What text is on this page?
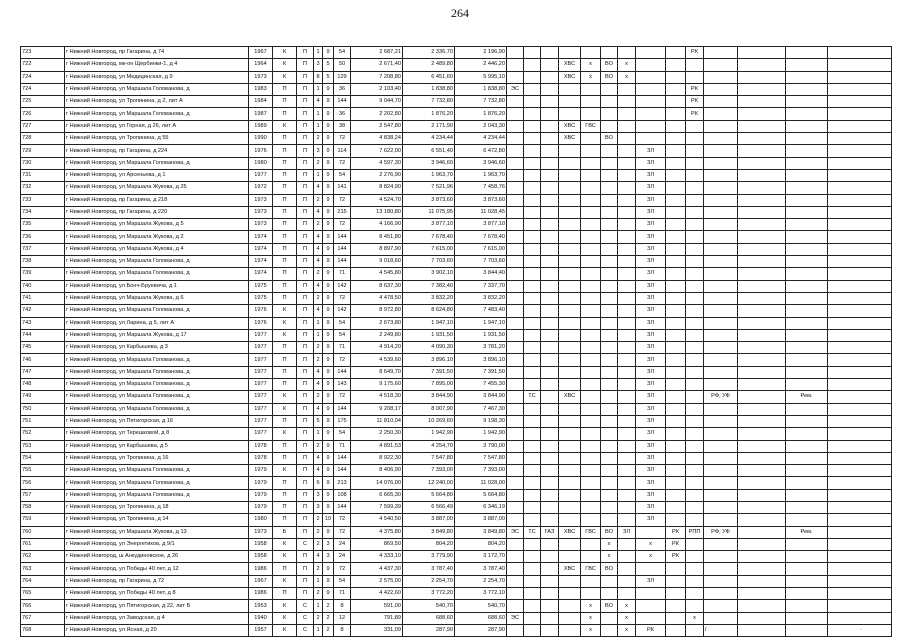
264
723	г Нижний Новгород, пр Гагарина, д 74	1967	К	П	1	9	54	2 687,21	2 336,70	2 196,90										РК				
722	г Нижний Новгород, мк-он Щербинки-1, д 4	1964	К	П	3	5	50	2 671,40	2 489,80	2 446,20				ХВС	х	ВО	х							
724	г Нижний Новгород, ул Медицинская, д 9	1973	К	П	8	5	129	7 208,80	6 451,60	5 995,10				ХВС	х	ВО	х							
724	г Нижний Новгород, ул Маршала Голованова, д	1983	П	П	1	9	36	2 103,40	1 838,80	1 838,80	ЭС									РК				
725	г Нижний Новгород, ул Тропинина, д 2, лит А	1984	П	П	4	9	144	9 044,70	7 732,80	7 732,80										РК				
726	г Нижний Новгород, ул Маршала Голованова, д	1987	П	П	1	9	36	2 202,80	1 876,20	1 876,20										РК				
727	г Нижний Новгород, ул Горная, д 26, лит А	1989	К	П	1	9	38	2 547,80	2 171,90	2 043,30				ХВС	ГВС									
728	г Нижний Новгород, ул Тропинина, д 55	1990	П	П	2	9	72	4 838,24	4 234,44	4 234,44				ХВС		ВО								
729	г Нижний Новгород, пр Гагарина, д 224	1976	П	П	3	9	114	7 622,00	6 551,40	6 472,80								ЗЛ						
730	г Нижний Новгород, ул Маршала Голованова, д	1980	П	П	2	9	72	4 597,30	3 946,60	3 946,60								ЗЛ						
731	г Нижний Новгород, ул Арсеньева, д 1	1977	П	П	1	9	54	2 276,90	1 963,70	1 963,70								ЗЛ						
732	г Нижний Новгород, ул Маршала Жукова, д 25	1972	П	П	4	9	141	8 824,90	7 521,96	7 458,76								ЗЛ						
733	г Нижний Новгород, пр Гагарина, д 218	1973	П	П	2	9	72	4 524,70	3 873,60	3 873,60								ЗЛ						
734	г Нижний Новгород, пр Гагарина, д 220	1973	П	П	4	9	215	13 180,80	11 075,95	11 028,45								ЗЛ						
735	г Нижний Новгород, ул Маршала Жукова, д 5	1973	П	П	2	9	72	4 166,90	3 877,10	3 877,10								ЗЛ						
736	г Нижний Новгород, ул Маршала Жукова, д 2	1974	П	П	4	9	144	8 451,80	7 678,40	7 678,40								ЗЛ						
737	г Нижний Новгород, ул Маршала Жукова, д 4	1974	П	П	4	9	144	8 897,90	7 615,00	7 615,00								ЗЛ						
738	г Нижний Новгород, ул Маршала Голованова, д	1974	П	П	4	9	144	9 018,60	7 703,60	7 703,60								ЗЛ						
739	г Нижний Новгород, ул Маршала Голованова, д	1974	П	П	2	9	71	4 545,80	3 902,10	3 844,40								ЗЛ						
740	г Нижний Новгород, ул Бонч-Бруевича, д 1	1975	П	П	4	9	142	8 637,30	7 382,40	7 337,70								ЗЛ						
741	г Нижний Новгород, ул Маршала Жукова, д 6	1975	П	П	2	9	72	4 478,50	3 832,20	3 832,20								ЗЛ						
742	г Нижний Новгород, ул Маршала Голованова, д	1976	К	П	4	9	142	8 972,80	8 624,80	7 483,40								ЗЛ						
743	г Нижний Новгород, ул Ларина, д 5, лит А	1976	К	П	1	9	54	2 673,80	1 947,10	1 947,10								ЗЛ						
744	г Нижний Новгород, ул Маршала Жукова, д 17	1977	К	П	1	9	54	2 249,80	1 931,50	1 931,50								ЗЛ						
745	г Нижний Новгород, ул Карбышева, д 3	1977	П	П	2	9	71	4 914,20	4 090,30	3 781,20								ЗЛ						
746	г Нижний Новгород, ул Маршала Голованова, д	1977	П	П	2	9	72	4 539,60	3 896,10	3 896,10								ЗЛ						
747	г Нижний Новгород, ул Маршала Голованова, д	1977	П	П	4	9	144	8 649,70	7 391,50	7 391,50								ЗЛ						
748	г Нижний Новгород, ул Маршала Голованова, д	1977	П	П	4	9	143	9 175,60	7 895,00	7 455,30								ЗЛ						
749	г Нижний Новгород, ул Маршала Голованова, д	1977	К	П	2	9	72	4 518,30	3 844,90	3 844,90		ТС		ХВС				ЗЛ			РФ, УФ		Рем.	
750	г Нижний Новгород, ул Маршала Голованова, д	1977	К	П	4	9	144	9 208,17	8 007,90	7 467,30								ЗЛ						
751	г Нижний Новгород, ул Пятигорская, д 16	1977	П	П	5	9	175	11 810,04	10 269,60	9 198,30								ЗЛ						
752	г Нижний Новгород, ул Терешковой, д 8	1977	К	П	1	9	54	2 250,30	1 942,90	1 942,90								ЗЛ						
753	г Нижний Новгород, ул Карбышева, д 5	1978	П	П	2	9	71	4 891,53	4 254,70	3 790,00								ЗЛ						
754	г Нижний Новгород, ул Тропинина, д 16	1978	П	П	4	9	144	8 922,30	7 547,80	7 547,80								ЗЛ						
755	г Нижний Новгород, ул Маршала Голованова, д	1979	К	П	4	9	144	8 406,90	7 393,00	7 393,00								ЗЛ						
756	г Нижний Новгород, ул Маршала Голованова, д	1979	П	П	6	9	213	14 076,00	12 240,00	11 028,00								ЗЛ						
757	г Нижний Новгород, ул Маршала Голованова, д	1979	П	П	3	9	108	6 665,30	5 664,80	5 664,80								ЗЛ						
758	г Нижний Новгород, ул Тропинина, д 18	1979	П	П	3	9	144	7 599,39	6 566,49	6 346,19								ЗЛ						
759	г Нижний Новгород, ул Тропинина, д 14	1980	П	П	2	10	72	4 540,50	3 887,00	3 887,00								ЗЛ						
760	г Нижний Новгород, ул Маршала Жукова, д 13	1973	Б	П	2	9	72	4 375,80	3 849,80	3 849,80	ЭС	ТС	ГАЗ	ХВС	ГВС	ВО	ЗЛ		РК	РПП	РФ, УФ		Рем.	
761	г Нижний Новгород, ул Энергетиков, д 9/1	1958	К	С	2	3	24	869,50	804,20	804,20						х		х	РК					
762	г Нижний Новгород, ш Анкудиновское, д 26	1958	К	П	4	3	24	4 333,10	3 779,90	3 172,70						х		х	РК					
763	г Нижний Новгород, ул Победы 40 лет, д 12	1986	П	П	2	9	72	4 437,30	3 787,40	3 787,40				ХВС	ГВС	ВО								
764	г Нижний Новгород, пр Гагарина, д 72	1967	К	П	1	9	54	2 575,00	2 254,70	2 254,70								ЗЛ						
765	г Нижний Новгород, ул Победы 40 лет, д 8	1986	П	П	2	9	71	4 422,60	3 772,20	3 772,10														
766	г Нижний Новгород, ул Пятигорская, д 22, лит Б	1953	К	С	1	2	8	591,00	540,70	540,70					х	ВО	х							
767	г Нижний Новгород, ул Заводская, д 4	1940	К	С	2	2	12	791,89	688,60	688,60	ЭС				х		х			х				
768	г Нижний Новгород, ул Ясная, д 20	1957	К	С	1	2	8	331,09	287,90	287,90					х		х	РК							г	·
